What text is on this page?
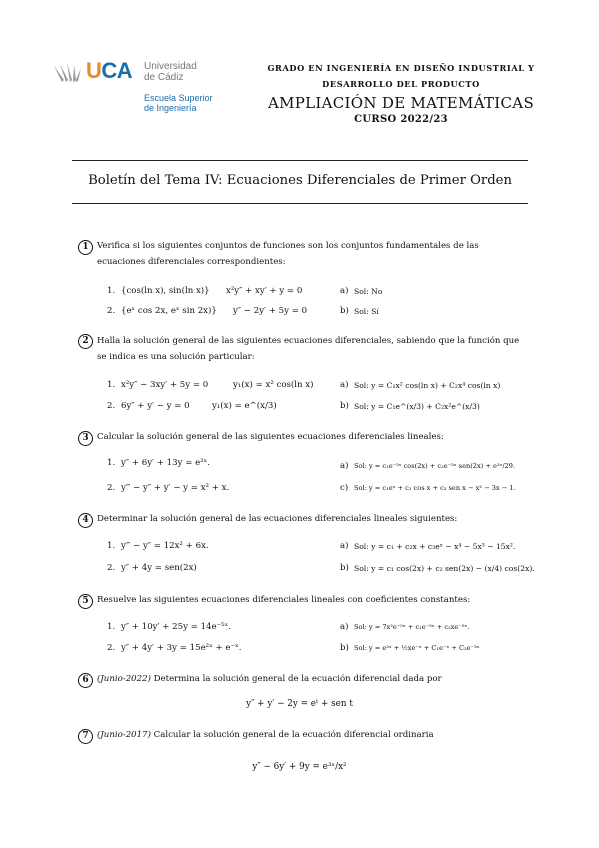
UCA Universidad
de Cádiz
Escuela Superior
de Ingeniería
GRADO EN INGENIERÍA EN DISEÑO INDUSTRIAL Y
DESARROLLO DEL PRODUCTO
AMPLIACIÓN DE MATEMÁTICAS
CURSO 2022/23
Boletín del Tema IV: Ecuaciones Diferenciales de Primer Orden
1 Verifica si los siguientes conjuntos de funciones son los conjuntos fundamentales de las ecuaciones diferenciales correspondientes:
1. {cos(ln x), sin(ln x)} x²y″ + xy′ + y = 0	a) Sol: No
2. {eˣ cos 2x, eˣ sin 2x)} y″ − 2y′ + 5y = 0	b) Sol: Sí
2 Halla la solución general de las siguientes ecuaciones diferenciales, sabiendo que la función que se indica es una solución particular:
1. x²y″ − 3xy′ + 5y = 0	y₁(x) = x² cos(ln x)	a) Sol: y = C₁x² cos(ln x) + C₂x⁴ cos(ln x)
2. 6y″ + y′ − y = 0	y₁(x) = e^(x/3)	b) Sol: y = C₁e^(x/3) + C₂x²e^(x/3)
3 Calcular la solución general de las siguientes ecuaciones diferenciales lineales:
1. y″ + 6y′ + 13y = e²ˣ.	a) Sol: y = c₁e⁻³ˣ cos(2x) + c₂e⁻³ˣ sen(2x) + e²ˣ/29.
2. y‴ − y″ + y′ − y = x² + x.	c) Sol: y = c₁eˣ + c₂ cos x + c₃ sen x − x² − 3x − 1.
4 Determinar la solución general de las ecuaciones diferenciales lineales siguientes:
1. y‴ − y″ = 12x² + 6x.	a) Sol: y = c₁ + c₂x + c₃eˣ − x⁴ − 5x³ − 15x².
2. y″ + 4y = sen(2x)	b) Sol: y = c₁ cos(2x) + c₂ sen(2x) − (x/4) cos(2x).
5 Resuelve las siguientes ecuaciones diferenciales lineales con coeficientes constantes:
1. y″ + 10y′ + 25y = 14e⁻⁵ˣ.	a) Sol: y = 7x²e⁻⁵ˣ + c₁e⁻⁵ˣ + c₂xe⁻⁵ˣ.
2. y″ + 4y′ + 3y = 15e²ˣ + e⁻ˣ.	b) Sol: y = e²ˣ + ½xe⁻ˣ + C₁e⁻ˣ + C₂e⁻³ˣ
6 (Junio-2022) Determina la solución general de la ecuación diferencial dada por
y″ + y′ − 2y = eᵗ + sen t
7 (Junio-2017) Calcular la solución general de la ecuación diferencial ordinaria
y″ − 6y′ + 9y = e³ˣ/x²
